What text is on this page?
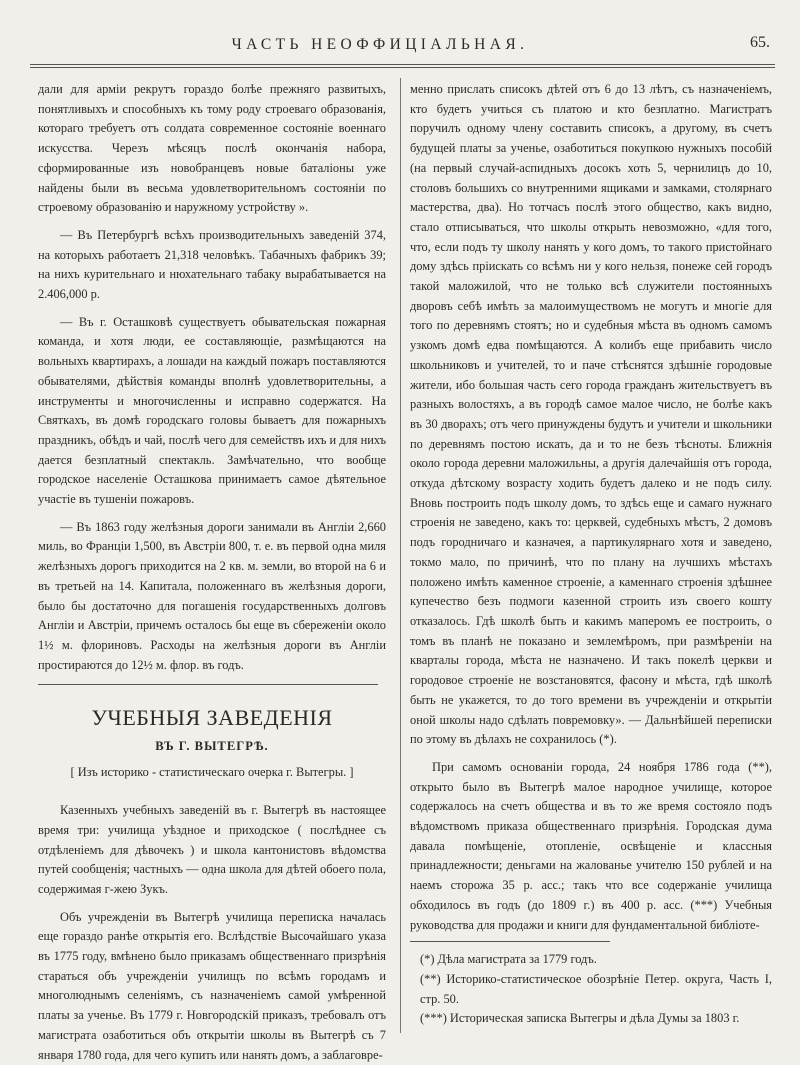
ЧАСТЬ НЕОФФИЦІАЛЬНАЯ.	65.

дали для арміи рекрутъ гораздо болѣе прежняго развитыхъ, понятливыхъ и способныхъ къ тому роду строеваго образованія, котораго требуетъ отъ солдата современное состояніе военнаго искусства. Черезъ мѣсяцъ послѣ окончанія набора, сформированные изъ новобранцевъ новые баталіоны уже найдены были въ весьма удовлетворительномъ состояніи по строевому образованію и наружному устройству ».

— Въ Петербургѣ всѣхъ производительныхъ заведеній 374, на которыхъ работаетъ 21,318 человѣкъ. Табачныхъ фабрикъ 39; на нихъ курительнаго и нюхательнаго табаку вырабатывается на 2.406,000 р.

— Въ г. Осташковѣ существуетъ обывательская пожарная команда, и хотя люди, ее составляющіе, размѣщаются на вольныхъ квартирахъ, а лошади на каждый пожаръ поставляются обывателями, дѣйствія команды вполнѣ удовлетворительны, а инструменты и многочисленны и исправно содержатся. На Святкахъ, въ домѣ городскаго головы бываетъ для пожарныхъ праздникъ, обѣдъ и чай, послѣ чего для семействъ ихъ и для нихъ дается безплатный спектакль. Замѣчательно, что вообще городское населеніе Осташкова принимаетъ самое дѣятельное участіе въ тушеніи пожаровъ.

— Въ 1863 году желѣзныя дороги занимали въ Англіи 2,660 миль, во Франціи 1,500, въ Австріи 800, т. е. въ первой одна миля желѣзныхъ дорогъ приходится на 2 кв. м. земли, во второй на 6 и въ третьей на 14. Капитала, положеннаго въ желѣзныя дороги, было бы достаточно для погашенія государственныхъ долговъ Англіи и Австріи, причемъ осталось бы еще въ сбереженіи около 1½ м. флориновъ. Расходы на желѣзныя дороги въ Англіи простираются до 12½ м. флор. въ годъ.

УЧЕБНЫЯ ЗАВЕДЕНІЯ
ВЪ Г. ВЫТЕГРѢ.
[ Изъ историко - статистическаго очерка г. Вытегры. ]

Казенныхъ учебныхъ заведеній въ г. Вытегрѣ въ настоящее время три: училища уѣздное и приходское ( послѣднее съ отдѣленіемъ для дѣвочекъ ) и школа кантонистовъ вѣдомства путей сообщенія; частныхъ — одна школа для дѣтей обоего пола, содержимая г-жею Зукъ.

Объ учрежденіи въ Вытегрѣ училища переписка началась еще гораздо ранѣе открытія его. Вслѣдствіе Высочайшаго указа въ 1775 году, вмѣнено было приказамъ общественнаго призрѣнія стараться объ учрежденіи училищъ по всѣмъ городамъ и многолюднымъ селеніямъ, съ назначеніемъ самой умѣренной платы за ученье. Въ 1779 г. Новгородскій приказъ, требовалъ отъ магистрата озаботиться объ открытіи школы въ Вытегрѣ съ 7 января 1780 года, для чего купить или нанять домъ, а заблаговре-

менно прислать списокъ дѣтей отъ 6 до 13 лѣтъ, съ назначеніемъ, кто будетъ учиться съ платою и кто безплатно. Магистратъ поручилъ одному члену составить списокъ, а другому, въ счетъ будущей платы за ученье, озаботиться покупкою нужныхъ пособій (на первый случай-аспидныхъ досокъ хоть 5, чернилицъ до 10, столовъ большихъ со внутренними ящиками и замками, столярнаго мастерства, два). Но тотчасъ послѣ этого общество, какъ видно, стало отписываться, что школы открыть невозможно, «для того, что, если подъ ту школу нанять у кого домъ, то такого пристойнаго дому здѣсь пріискать со всѣмъ ни у кого нельзя, понеже сей городъ такой маложилой, что не только всѣ служители постоянныхъ дворовъ себѣ имѣть за малоимуществомъ не могутъ и многіе для того по деревнямъ стоятъ; но и судебныя мѣста въ одномъ самомъ узкомъ домѣ едва помѣщаются. А колибъ еще прибавить число школьниковъ и учителей, то и паче стѣснятся здѣшніе городовые жители, ибо большая часть сего города гражданъ жительствуетъ въ разныхъ волостяхъ, а въ городѣ самое малое число, не болѣе какъ въ 30 дворахъ; отъ чего принуждены будутъ и учители и школьники по деревнямъ постою искать, да и то не безъ тѣсноты. Ближнія около города деревни маложильны, а другія далечайшія отъ города, откуда дѣтскому возрасту ходить будетъ далеко и не подъ силу. Вновь построить подъ школу домъ, то здѣсь еще и самаго нужнаго строенія не заведено, какъ то: церквей, судебныхъ мѣстъ, 2 домовъ подъ городничаго и казначея, а партикулярнаго хотя и заведено, токмо мало, по причинѣ, что по плану на лучшихъ мѣстахъ положено имѣть каменное строеніе, а каменнаго строенія здѣшнее купечество безъ подмоги казенной строить изъ своего кошту отказалось. Гдѣ школѣ быть и какимъ маперомъ ее построить, о томъ въ планѣ не показано и землемѣромъ, при размѣреніи на кварталы города, мѣста не назначено. И такъ покелѣ церкви и городовое строеніе не возстановятся, фасону и мѣста, гдѣ школѣ быть не укажется, то до того времени въ учрежденіи и открытіи оной школы надо сдѣлать повремовку». — Дальнѣйшей переписки по этому въ дѣлахъ не сохранилось (*).

При самомъ основаніи города, 24 ноября 1786 года (**), открыто было въ Вытегрѣ малое народное училище, которое содержалось на счетъ общества и въ то же время состояло подъ вѣдомствомъ приказа общественнаго призрѣнія. Городская дума давала помѣщеніе, отопленіе, освѣщеніе и классныя принадлежности; деньгами на жалованье учителю 150 рублей и на наемъ сторожа 35 р. асс.; такъ что все содержаніе училища обходилось въ годъ (до 1809 г.) въ 400 р. асс. (***) Учебныя руководства для продажи и книги для фундаментальной библіоте-

(*) Дѣла магистрата за 1779 годъ.

(**) Историко-статистическое обозрѣніе Петер. округа, Часть I, стр. 50.

(***) Историческая записка Вытегры и дѣла Думы за 1803 г.
